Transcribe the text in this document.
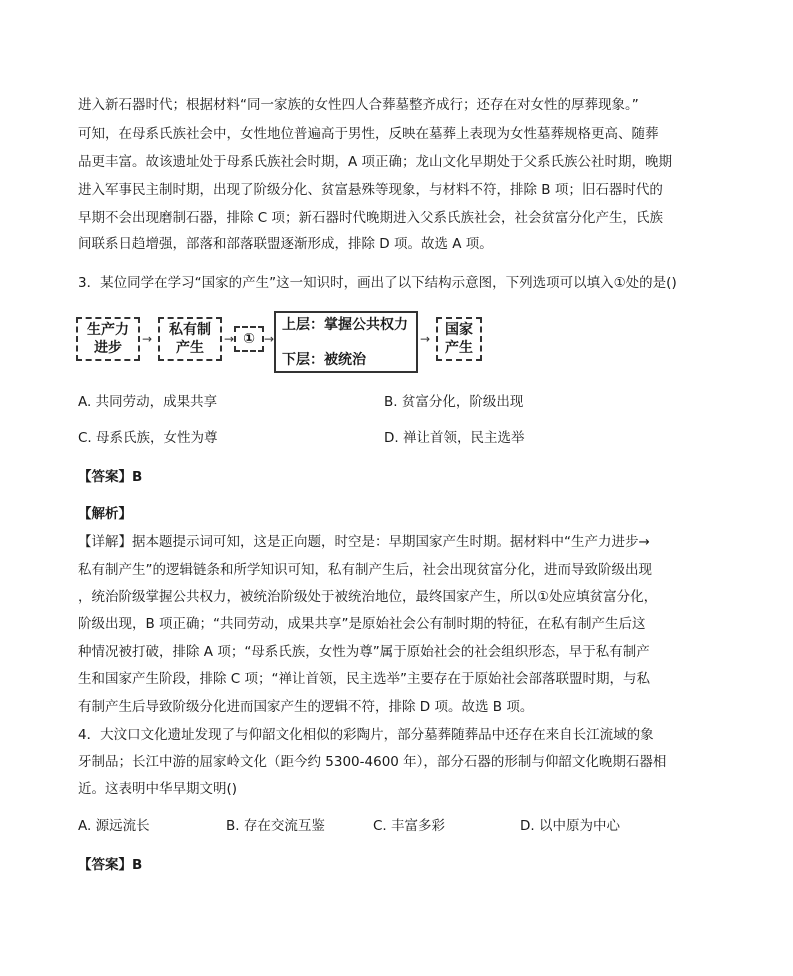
进入新石器时代；根据材料“同一家族的女性四人合葬墓整齐成行；还存在对女性的厚葬现象。”
可知，在母系氏族社会中，女性地位普遍高于男性，反映在墓葬上表现为女性墓葬规格更高、随葬
品更丰富。故该遗址处于母系氏族社会时期，A 项正确；龙山文化早期处于父系氏族公社时期，晚期
进入军事民主制时期，出现了阶级分化、贫富悬殊等现象，与材料不符，排除 B 项；旧石器时代的
早期不会出现磨制石器，排除 C 项；新石器时代晚期进入父系氏族社会，社会贫富分化产生，氏族
间联系日趋增强，部落和部落联盟逐渐形成，排除 D 项。故选 A 项。
3．某位同学在学习“国家的产生”这一知识时，画出了以下结构示意图，下列选项可以填入①处的是()
生产力
进步
→
私有制
产生
→ ① →
上层：掌握公共权力
下层：被统治
→
国家
产生
A. 共同劳动，成果共享	B. 贫富分化，阶级出现
C. 母系氏族，女性为尊	D. 禅让首领，民主选举
【答案】B
【解析】
【详解】据本题提示词可知，这是正向题，时空是：早期国家产生时期。据材料中“生产力进步→
私有制产生”的逻辑链条和所学知识可知，私有制产生后，社会出现贫富分化，进而导致阶级出现
，统治阶级掌握公共权力，被统治阶级处于被统治地位，最终国家产生，所以①处应填贫富分化，
阶级出现，B 项正确；“共同劳动，成果共享”是原始社会公有制时期的特征，在私有制产生后这
种情况被打破，排除 A 项；“母系氏族，女性为尊”属于原始社会的社会组织形态，早于私有制产
生和国家产生阶段，排除 C 项；“禅让首领，民主选举”主要存在于原始社会部落联盟时期，与私
有制产生后导致阶级分化进而国家产生的逻辑不符，排除 D 项。故选 B 项。
4．大汶口文化遗址发现了与仰韶文化相似的彩陶片，部分墓葬随葬品中还存在来自长江流域的象
牙制品；长江中游的屈家岭文化（距今约 5300-4600 年），部分石器的形制与仰韶文化晚期石器相
近。这表明中华早期文明()
A. 源远流长	B. 存在交流互鉴	C. 丰富多彩	D. 以中原为中心
【答案】B
